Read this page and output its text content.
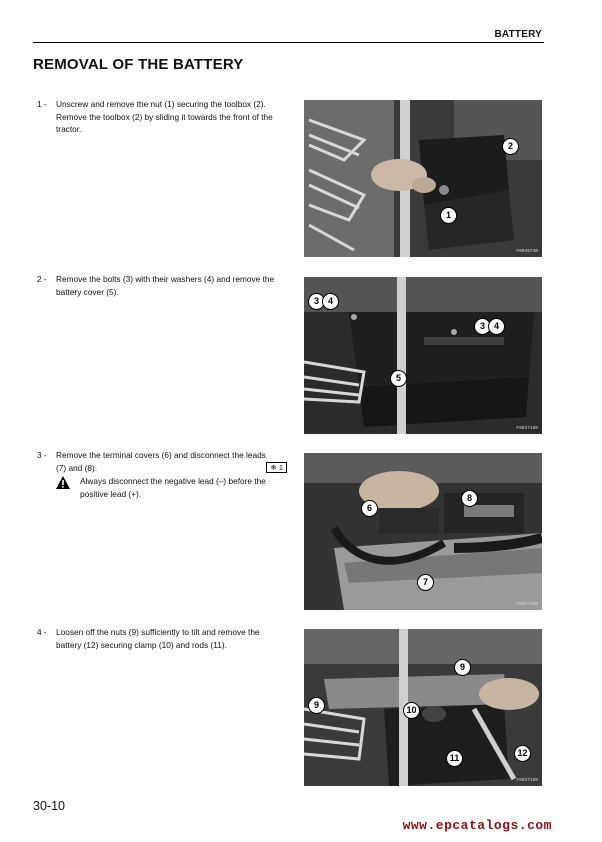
BATTERY
REMOVAL OF THE BATTERY
1 -	Unscrew and remove the nut (1) securing the toolbox (2).

Remove the toolbox (2) by sliding it towards the front of the tractor.

2
1
F0045740
2 -	Remove the bolts (3) with their washers (4) and remove the battery cover (5).

3 4
3 4
5
F0037160
3 -

❄ 1
Remove the terminal covers (6) and disconnect the leads (7) and (8).

Always disconnect the negative lead (–) before the positive lead (+).

6
8
7
F0037180
4 -	Loosen off the nuts (9) sufficiently to tilt and remove the battery (12) securing clamp (10) and rods (11).

9
9	10
11	12
F0037190
30-10
www.epcatalogs.com
